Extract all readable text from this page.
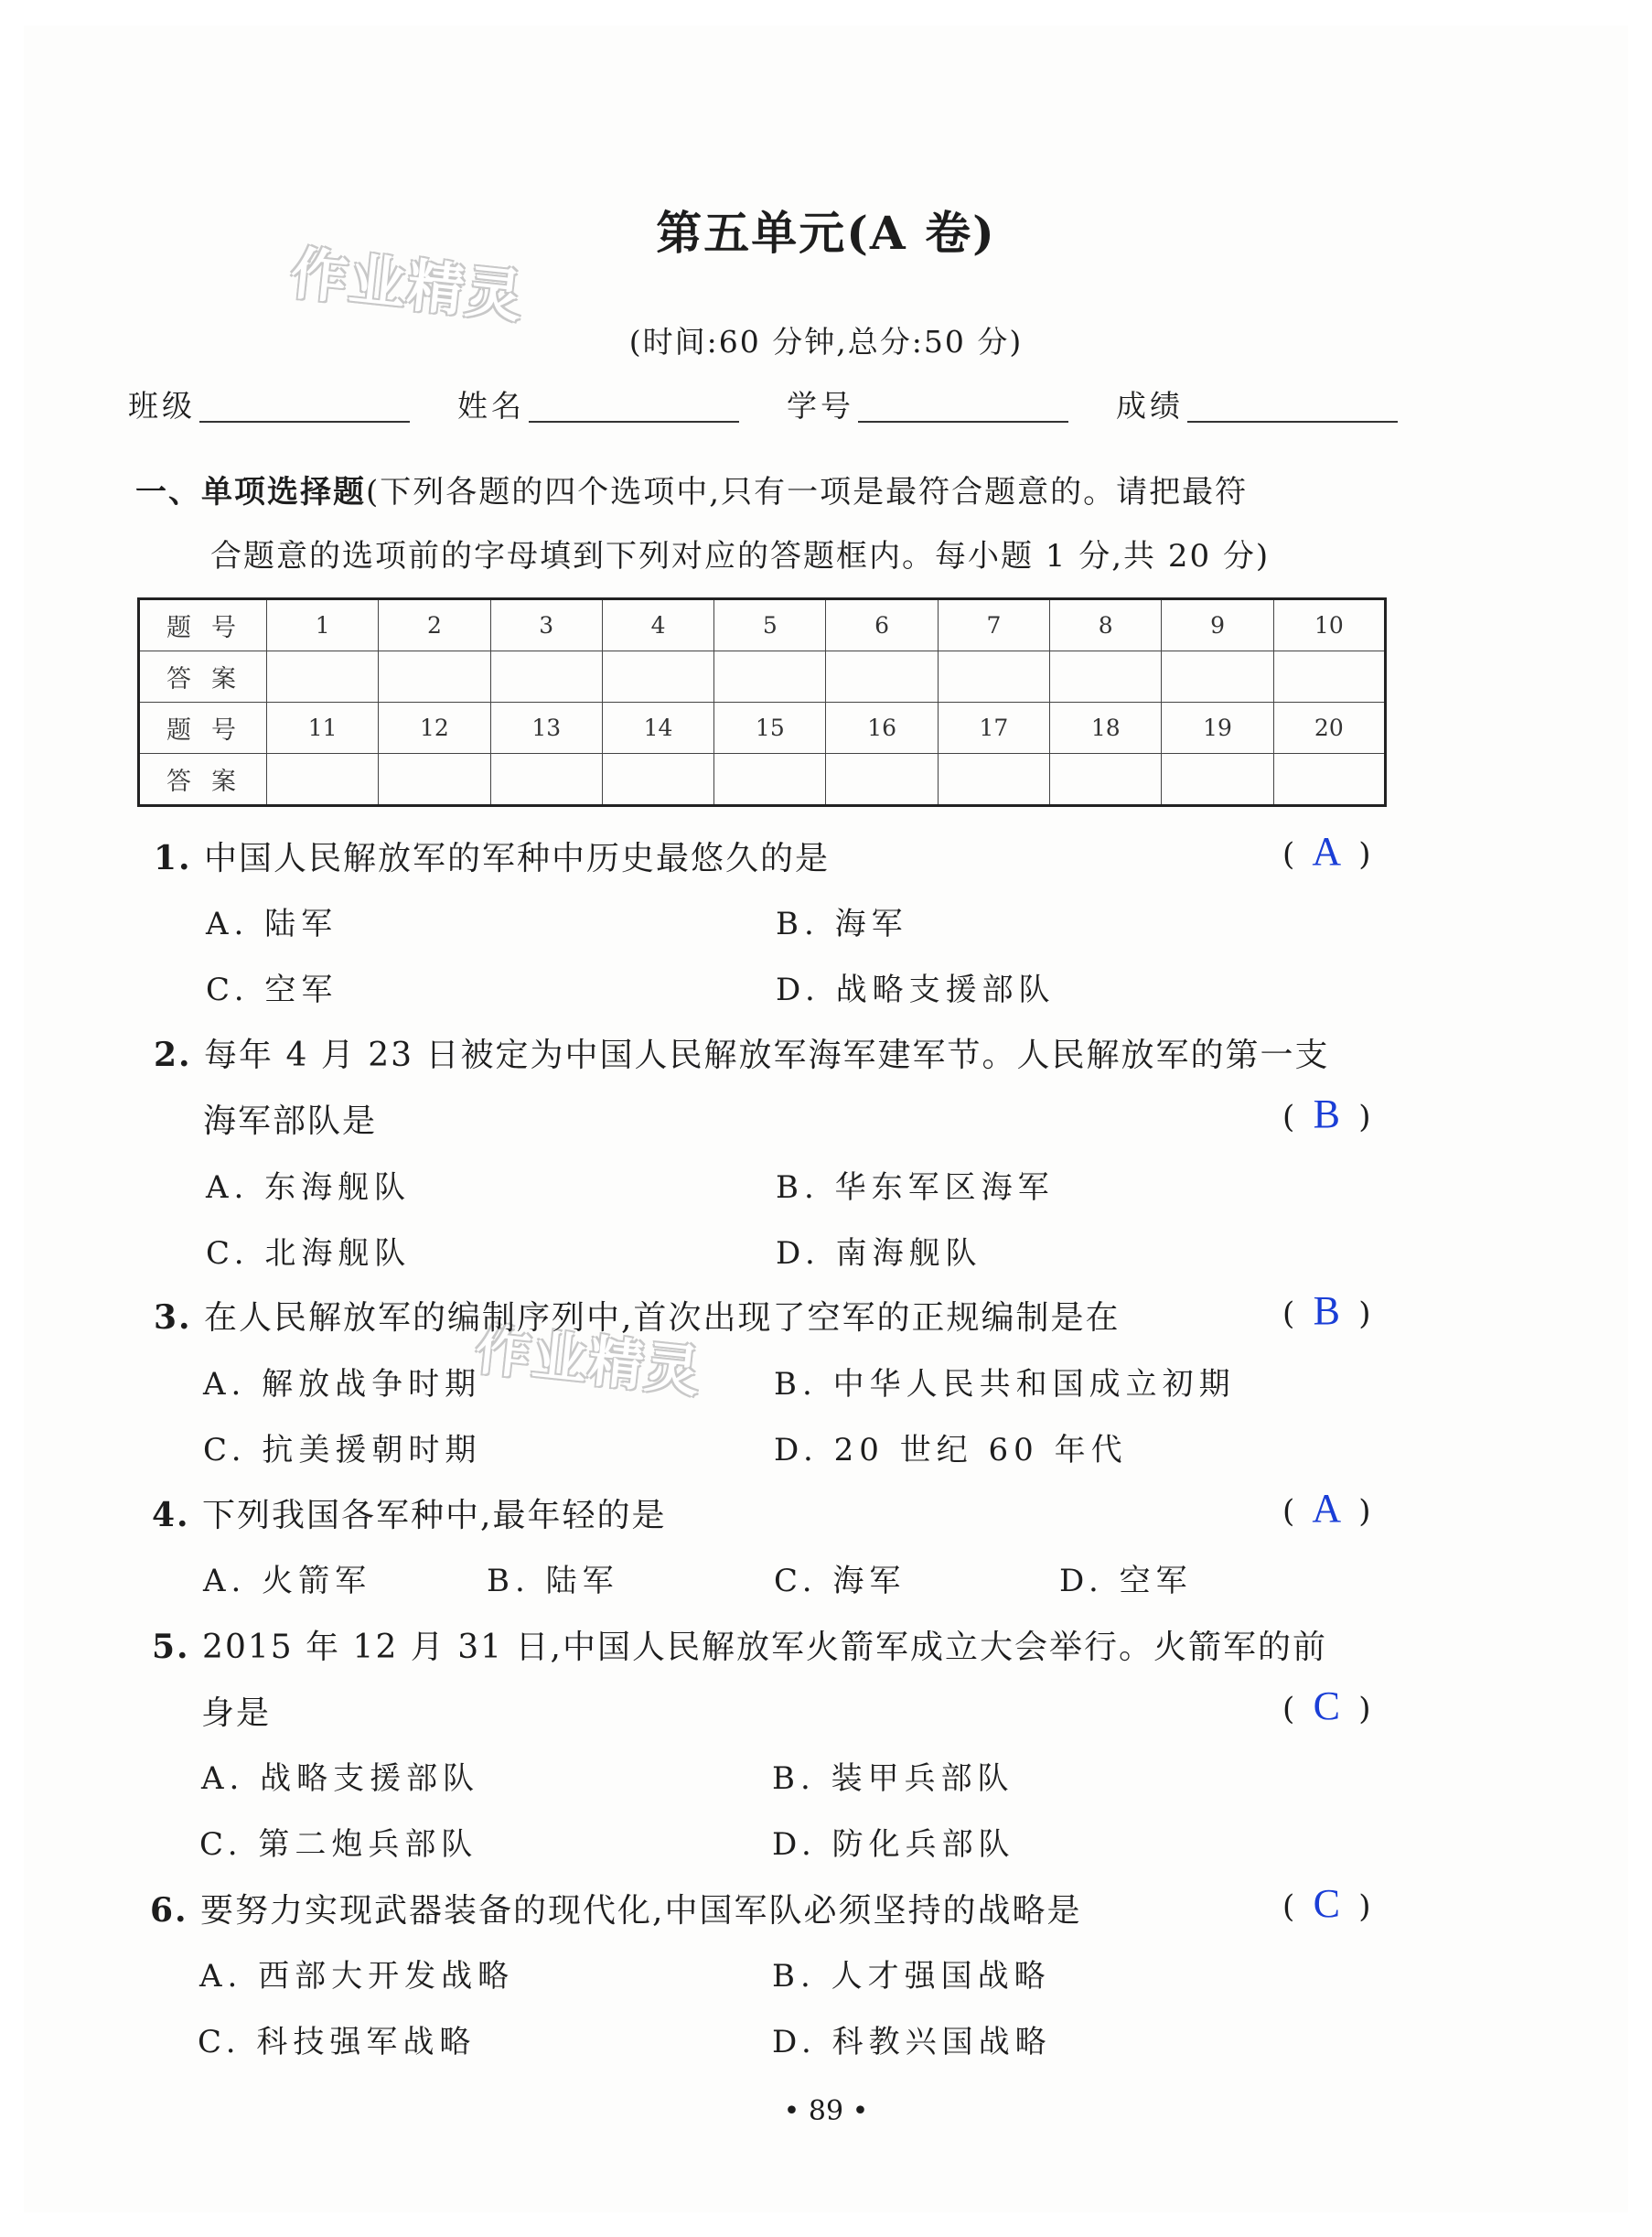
作业精灵
作业精灵
第五单元(A 卷)
(时间:60 分钟,总分:50 分)
班级	姓名	学号	成绩
一、单项选择题(下列各题的四个选项中,只有一项是最符合题意的。请把最符
合题意的选项前的字母填到下列对应的答题框内。每小题 1 分,共 20 分)
题号	1	2	3	4	5	6	7	8	9	10
答案										
题号	11	12	13	14	15	16	17	18	19	20
答案										
1. 中国人民解放军的军种中历史最悠久的是	( A )
A. 陆军	B. 海军
C. 空军	D. 战略支援部队
2. 每年 4 月 23 日被定为中国人民解放军海军建军节。人民解放军的第一支
海军部队是	( B )
A. 东海舰队	B. 华东军区海军
C. 北海舰队	D. 南海舰队
3. 在人民解放军的编制序列中,首次出现了空军的正规编制是在	( B )
A. 解放战争时期	B. 中华人民共和国成立初期
C. 抗美援朝时期	D. 20 世纪 60 年代
4. 下列我国各军种中,最年轻的是	( A )
A. 火箭军	B. 陆军	C. 海军	D. 空军
5. 2015 年 12 月 31 日,中国人民解放军火箭军成立大会举行。火箭军的前
身是	( C )
A. 战略支援部队	B. 装甲兵部队
C. 第二炮兵部队	D. 防化兵部队
6. 要努力实现武器装备的现代化,中国军队必须坚持的战略是	( C )
A. 西部大开发战略	B. 人才强国战略
C. 科技强军战略	D. 科教兴国战略
• 89 •
